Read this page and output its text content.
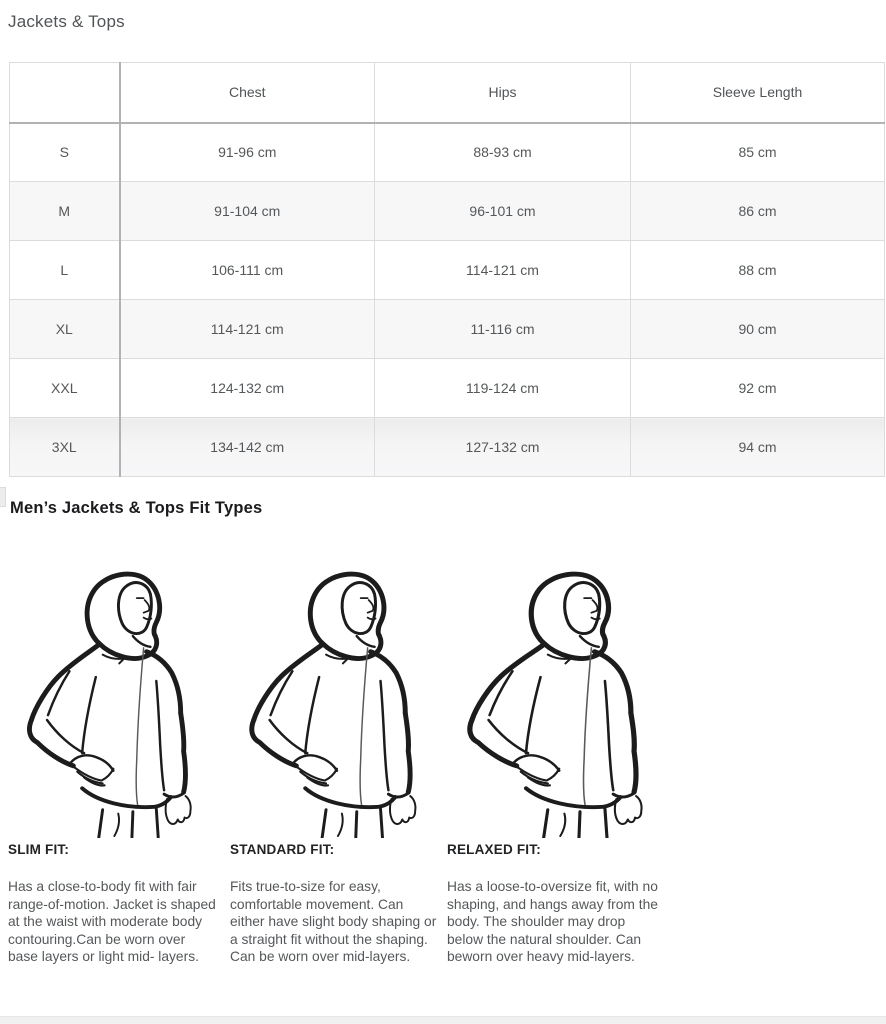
Jackets & Tops
	Chest	Hips	Sleeve Length
S	91-96 cm	88-93 cm	85 cm
M	91-104 cm	96-101 cm	86 cm
L	106-111 cm	114-121 cm	88 cm
XL	114-121 cm	11-116 cm	90 cm
XXL	124-132 cm	119-124 cm	92 cm
3XL	134-142 cm	127-132 cm	94 cm
Men’s Jackets & Tops Fit Types
SLIM FIT:

Has a close-to-body fit with fair range-of-motion. Jacket is shaped at the waist with moderate body contouring.Can be worn over base layers or light mid- layers.

STANDARD FIT:

Fits true-to-size for easy, comfortable movement. Can either have slight body shaping or a straight fit without the shaping. Can be worn over mid-layers.

RELAXED FIT:

Has a loose-to-oversize fit, with no shaping, and hangs away from the body. The shoulder may drop below the natural shoulder. Can beworn over heavy mid-layers.
